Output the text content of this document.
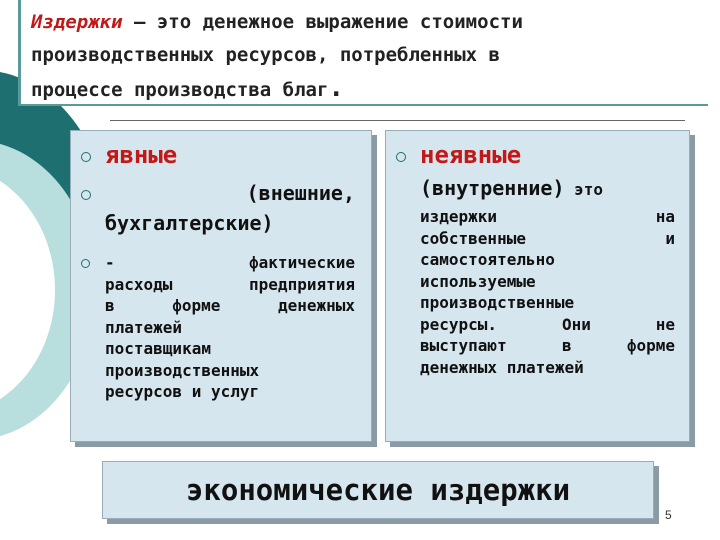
Издержки – это денежное выражение стоимости
производственных ресурсов, потребленных в
процессе производства благ.
явные
(внешние,
бухгалтерские)
- фактические
расходы предприятия
в форме денежных
платежей
поставщикам
производственных
ресурсов и услуг
неявные
(внутренние) это
издержки на
собственные и
самостоятельно
используемые
производственные
ресурсы. Они не
выступают в форме
денежных платежей
экономические издержки
5
